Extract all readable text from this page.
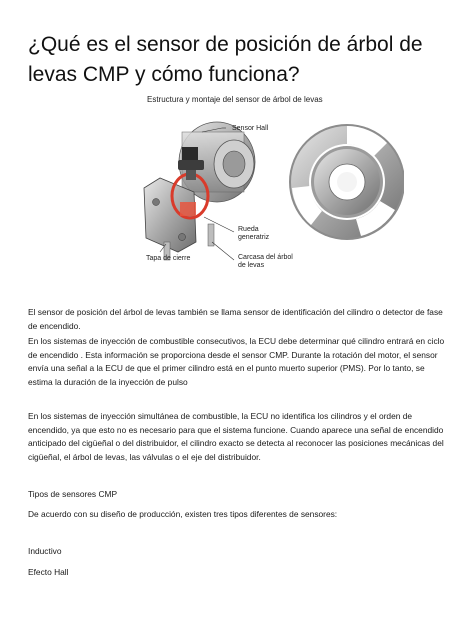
¿Qué es el sensor de posición de árbol de levas CMP y cómo funciona?
Estructura y montaje del sensor de árbol de levas
Sensor Hall
Rueda generatriz
Tapa de cierre	Carcasa del árbol de levas

El sensor de posición del árbol de levas también se llama sensor de identificación del cilindro o detector de fase de encendido.

En los sistemas de inyección de combustible consecutivos, la ECU debe determinar qué cilindro entrará en ciclo de encendido . Esta información se proporciona desde el sensor CMP. Durante la rotación del motor, el sensor envía una señal a la ECU de que el primer cilindro está en el punto muerto superior (PMS). Por lo tanto, se estima la duración de la inyección de pulso

En los sistemas de inyección simultánea de combustible, la ECU no identifica los cilindros y el orden de encendido, ya que esto no es necesario para que el sistema funcione. Cuando aparece una señal de encendido anticipado del cigüeñal o del distribuidor, el cilindro exacto se detecta al reconocer las posiciones mecánicas del cigüeñal, el árbol de levas, las válvulas o el eje del distribuidor.

Tipos de sensores CMP

De acuerdo con su diseño de producción, existen tres tipos diferentes de sensores:

Inductivo

Efecto Hall
